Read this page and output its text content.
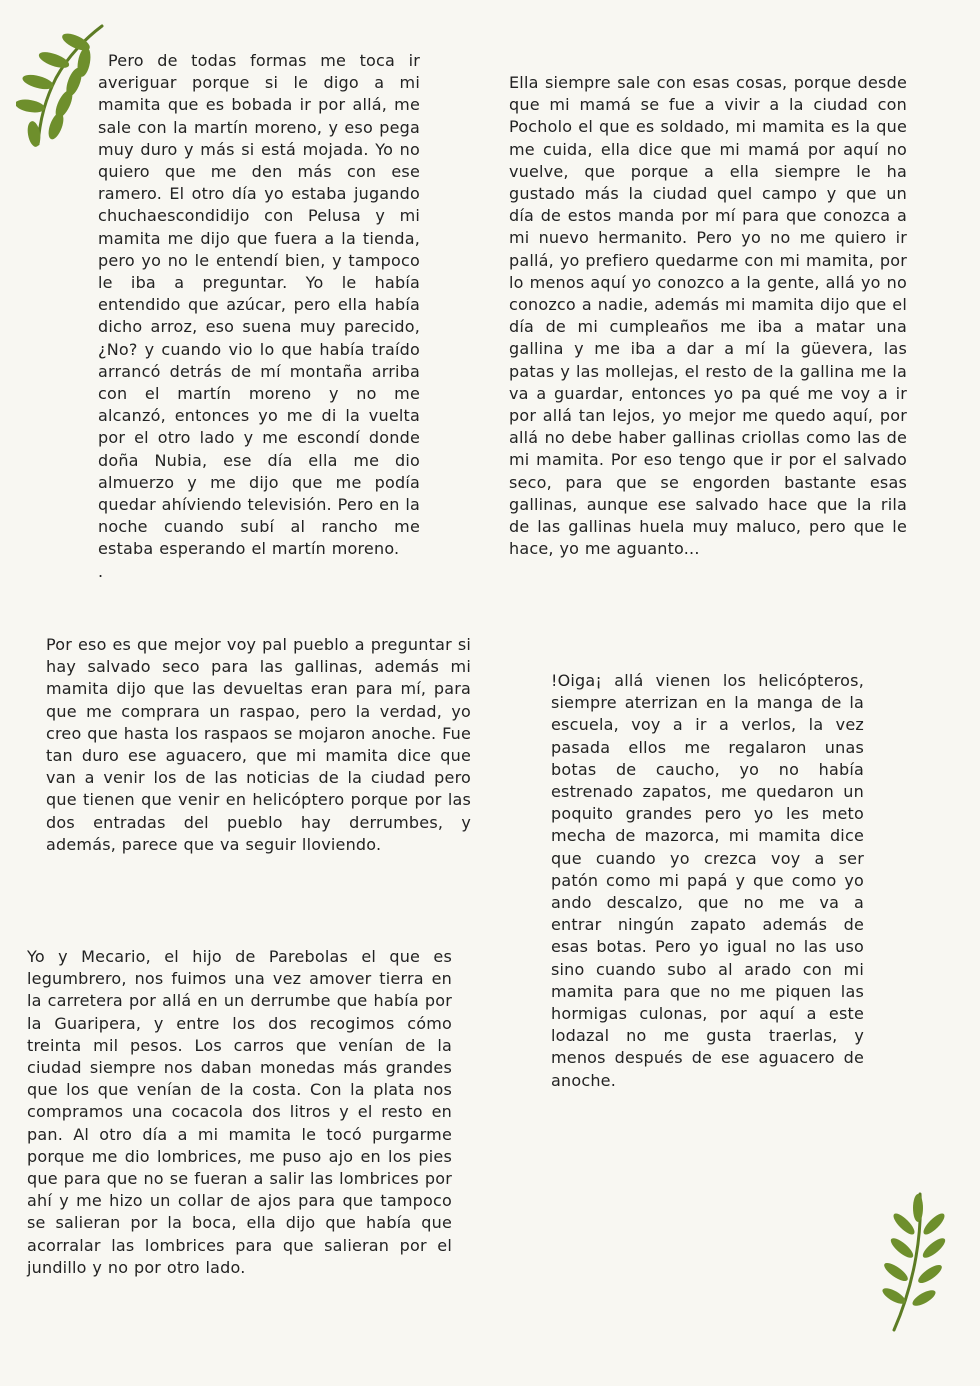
Pero de todas formas me toca ir averiguar porque si le digo a mi mamita que es bobada ir por allá, me sale con la martín moreno, y eso pega muy duro y más si está mojada. Yo no quiero que me den más con ese ramero. El otro día yo estaba jugando chuchaescondidijo con Pelusa y mi mamita me dijo que fuera a la tienda, pero yo no le entendí bien, y tampoco le iba a preguntar. Yo le había entendido que azúcar, pero ella había dicho arroz, eso suena muy parecido, ¿No? y cuando vio lo que había traído arrancó detrás de mí montaña arriba con el martín moreno y no me alcanzó, entonces yo me di la vuelta por el otro lado y me escondí donde doña Nubia, ese día ella me dio almuerzo y me dijo que me podía quedar ahíviendo televisión. Pero en la noche cuando subí al rancho me estaba esperando el martín moreno.
.

Ella siempre sale con esas cosas, porque desde que mi mamá se fue a vivir a la ciudad con Pocholo el que es soldado, mi mamita es la que me cuida, ella dice que mi mamá por aquí no vuelve, que porque a ella siempre le ha gustado más la ciudad quel campo y que un día de estos manda por mí para que conozca a mi nuevo hermanito. Pero yo no me quiero ir pallá, yo prefiero quedarme con mi mamita, por lo menos aquí yo conozco a la gente, allá yo no conozco a nadie, además mi mamita dijo que el día de mi cumpleaños me iba a matar una gallina y me iba a dar a mí la güevera, las patas y las mollejas, el resto de la gallina me la va a guardar, entonces yo pa qué me voy a ir por allá tan lejos, yo mejor me quedo aquí, por allá no debe haber gallinas criollas como las de mi mamita. Por eso tengo que ir por el salvado seco, para que se engorden bastante esas gallinas, aunque ese salvado hace que la rila de las gallinas huela muy maluco, pero que le hace, yo me aguanto...

Por eso es que mejor voy pal pueblo a preguntar si hay salvado seco para las gallinas, además mi mamita dijo que las devueltas eran para mí, para que me comprara un raspao, pero la verdad, yo creo que hasta los raspaos se mojaron anoche. Fue tan duro ese aguacero, que mi mamita dice que van a venir los de las noticias de la ciudad pero que tienen que venir en helicóptero porque por las dos entradas del pueblo hay derrumbes, y además, parece que va seguir lloviendo.

!Oiga¡ allá vienen los helicópteros, siempre aterrizan en la manga de la escuela, voy a ir a verlos, la vez pasada ellos me regalaron unas botas de caucho, yo no había estrenado zapatos, me quedaron un poquito grandes pero yo les meto mecha de mazorca, mi mamita dice que cuando yo crezca voy a ser patón como mi papá y que como yo ando descalzo, que no me va a entrar ningún zapato además de esas botas. Pero yo igual no las uso sino cuando subo al arado con mi mamita para que no me piquen las hormigas culonas, por aquí a este lodazal no me gusta traerlas, y menos después de ese aguacero de anoche.

Yo y Mecario, el hijo de Parebolas el que es legumbrero, nos fuimos una vez amover tierra en la carretera por allá en un derrumbe que había por la Guaripera, y entre los dos recogimos cómo treinta mil pesos. Los carros que venían de la ciudad siempre nos daban monedas más grandes que los que venían de la costa. Con la plata nos compramos una cocacola dos litros y el resto en pan. Al otro día a mi mamita le tocó purgarme porque me dio lombrices, me puso ajo en los pies que para que no se fueran a salir las lombrices por ahí y me hizo un collar de ajos para que tampoco se salieran por la boca, ella dijo que había que acorralar las lombrices para que salieran por el jundillo y no por otro lado.
